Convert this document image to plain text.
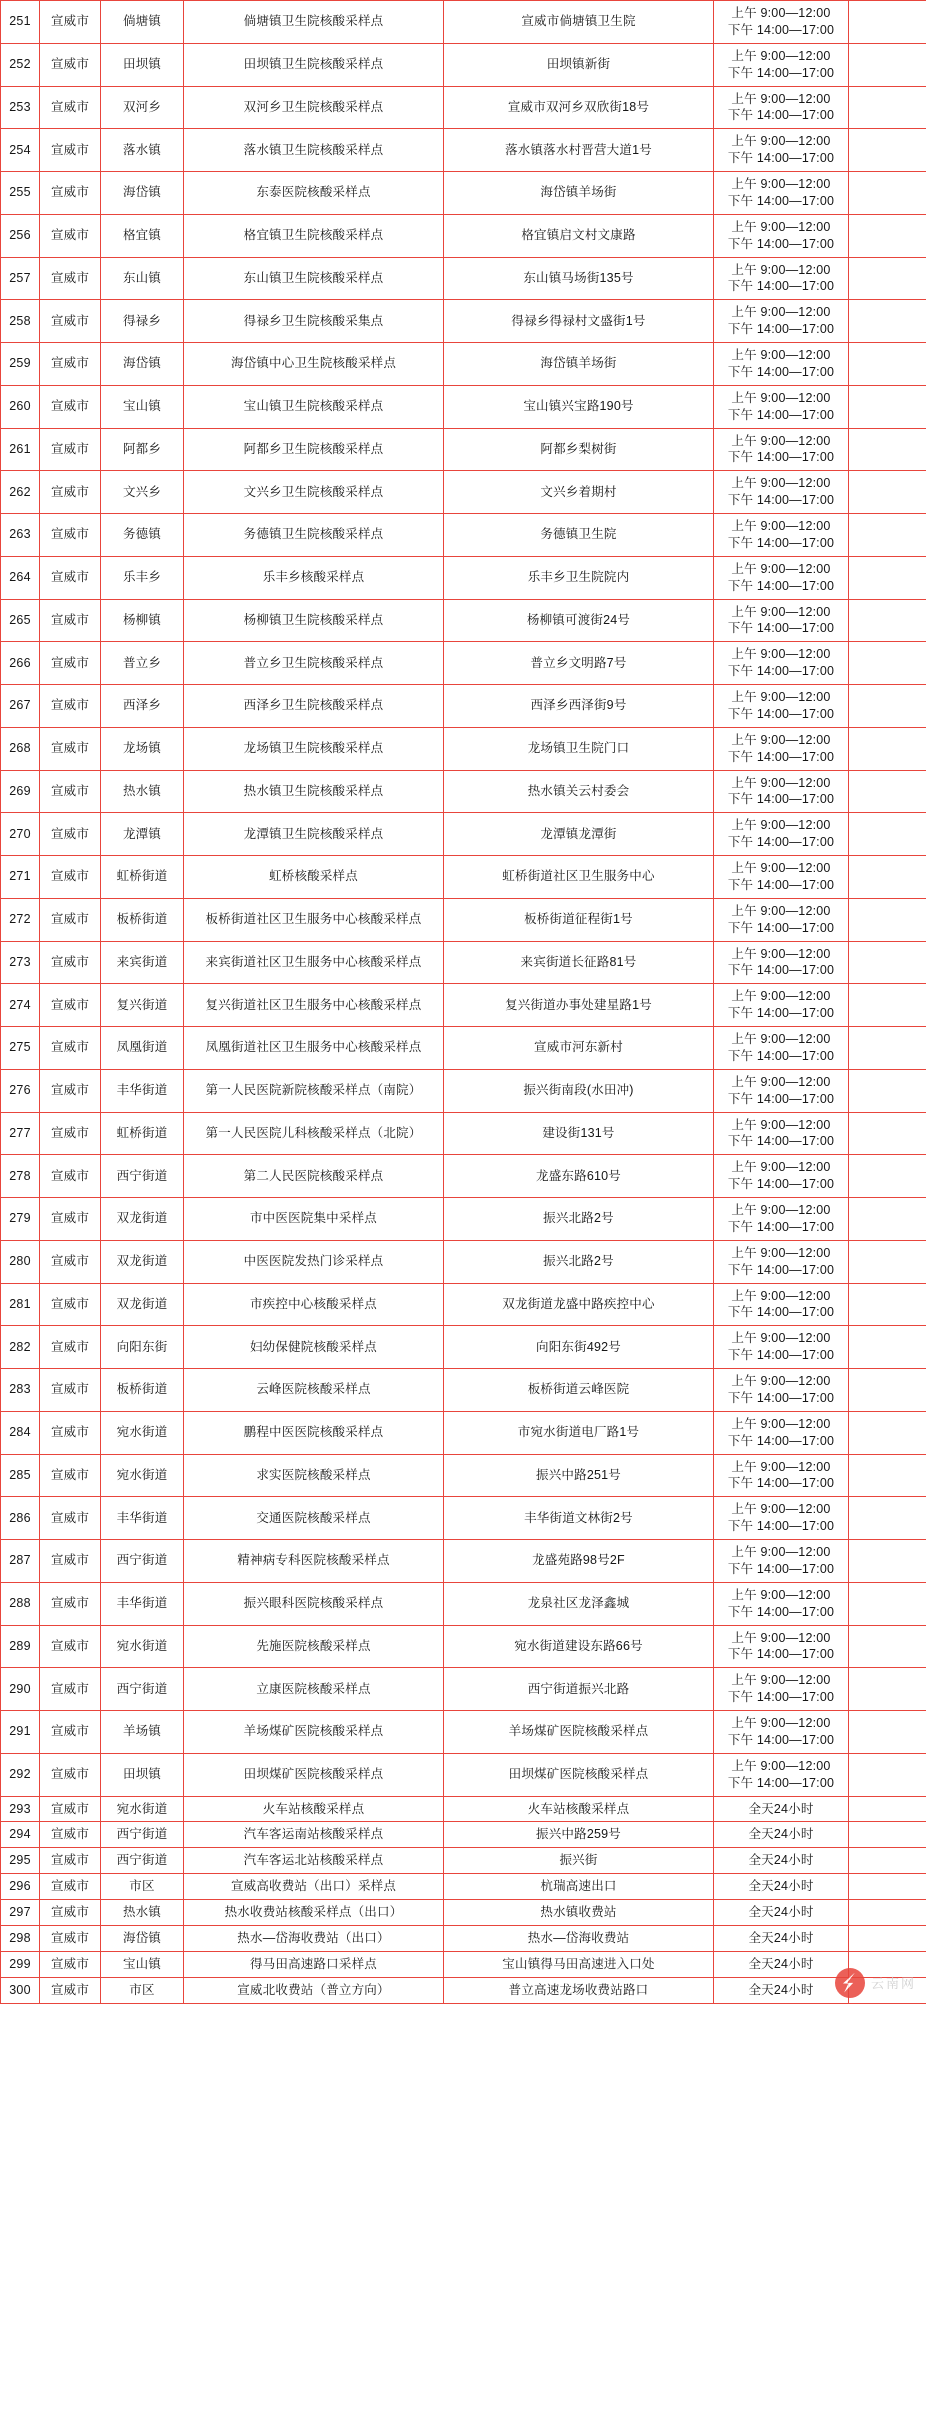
251	宣威市	倘塘镇	倘塘镇卫生院核酸采样点	宣威市倘塘镇卫生院	上午 9:00—12:00
下午 14:00—17:00	

252	宣威市	田坝镇	田坝镇卫生院核酸采样点	田坝镇新街	上午 9:00—12:00
下午 14:00—17:00	

253	宣威市	双河乡	双河乡卫生院核酸采样点	宣威市双河乡双欣街18号	上午 9:00—12:00
下午 14:00—17:00	

254	宣威市	落水镇	落水镇卫生院核酸采样点	落水镇落水村晋营大道1号	上午 9:00—12:00
下午 14:00—17:00	

255	宣威市	海岱镇	东泰医院核酸采样点	海岱镇羊场街	上午 9:00—12:00
下午 14:00—17:00	

256	宣威市	格宜镇	格宜镇卫生院核酸采样点	格宜镇启文村文康路	上午 9:00—12:00
下午 14:00—17:00	

257	宣威市	东山镇	东山镇卫生院核酸采样点	东山镇马场街135号	上午 9:00—12:00
下午 14:00—17:00	

258	宣威市	得禄乡	得禄乡卫生院核酸采集点	得禄乡得禄村文盛街1号	上午 9:00—12:00
下午 14:00—17:00	

259	宣威市	海岱镇	海岱镇中心卫生院核酸采样点	海岱镇羊场街	上午 9:00—12:00
下午 14:00—17:00	

260	宣威市	宝山镇	宝山镇卫生院核酸采样点	宝山镇兴宝路190号	上午 9:00—12:00
下午 14:00—17:00	

261	宣威市	阿都乡	阿都乡卫生院核酸采样点	阿都乡梨树街	上午 9:00—12:00
下午 14:00—17:00	

262	宣威市	文兴乡	文兴乡卫生院核酸采样点	文兴乡着期村	上午 9:00—12:00
下午 14:00—17:00	

263	宣威市	务德镇	务德镇卫生院核酸采样点	务德镇卫生院	上午 9:00—12:00
下午 14:00—17:00	

264	宣威市	乐丰乡	乐丰乡核酸采样点	乐丰乡卫生院院内	上午 9:00—12:00
下午 14:00—17:00	

265	宣威市	杨柳镇	杨柳镇卫生院核酸采样点	杨柳镇可渡街24号	上午 9:00—12:00
下午 14:00—17:00	

266	宣威市	普立乡	普立乡卫生院核酸采样点	普立乡文明路7号	上午 9:00—12:00
下午 14:00—17:00	

267	宣威市	西泽乡	西泽乡卫生院核酸采样点	西泽乡西泽街9号	上午 9:00—12:00
下午 14:00—17:00	

268	宣威市	龙场镇	龙场镇卫生院核酸采样点	龙场镇卫生院门口	上午 9:00—12:00
下午 14:00—17:00	

269	宣威市	热水镇	热水镇卫生院核酸采样点	热水镇关云村委会	上午 9:00—12:00
下午 14:00—17:00	

270	宣威市	龙潭镇	龙潭镇卫生院核酸采样点	龙潭镇龙潭街	上午 9:00—12:00
下午 14:00—17:00	

271	宣威市	虹桥街道	虹桥核酸采样点	虹桥街道社区卫生服务中心	上午 9:00—12:00
下午 14:00—17:00	

272	宣威市	板桥街道	板桥街道社区卫生服务中心核酸采样点	板桥街道征程街1号	上午 9:00—12:00
下午 14:00—17:00	

273	宣威市	来宾街道	来宾街道社区卫生服务中心核酸采样点	来宾街道长征路81号	上午 9:00—12:00
下午 14:00—17:00	

274	宣威市	复兴街道	复兴街道社区卫生服务中心核酸采样点	复兴街道办事处建星路1号	上午 9:00—12:00
下午 14:00—17:00	

275	宣威市	凤凰街道	凤凰街道社区卫生服务中心核酸采样点	宣威市河东新村	上午 9:00—12:00
下午 14:00—17:00	

276	宣威市	丰华街道	第一人民医院新院核酸采样点（南院）	振兴街南段(水田冲)	上午 9:00—12:00
下午 14:00—17:00	

277	宣威市	虹桥街道	第一人民医院儿科核酸采样点（北院）	建设街131号	上午 9:00—12:00
下午 14:00—17:00	

278	宣威市	西宁街道	第二人民医院核酸采样点	龙盛东路610号	上午 9:00—12:00
下午 14:00—17:00	

279	宣威市	双龙街道	市中医医院集中采样点	振兴北路2号	上午 9:00—12:00
下午 14:00—17:00	

280	宣威市	双龙街道	中医医院发热门诊采样点	振兴北路2号	上午 9:00—12:00
下午 14:00—17:00	

281	宣威市	双龙街道	市疾控中心核酸采样点	双龙街道龙盛中路疾控中心	上午 9:00—12:00
下午 14:00—17:00	

282	宣威市	向阳东街	妇幼保健院核酸采样点	向阳东街492号	上午 9:00—12:00
下午 14:00—17:00	

283	宣威市	板桥街道	云峰医院核酸采样点	板桥街道云峰医院	上午 9:00—12:00
下午 14:00—17:00	

284	宣威市	宛水街道	鹏程中医医院核酸采样点	市宛水街道电厂路1号	上午 9:00—12:00
下午 14:00—17:00	

285	宣威市	宛水街道	求实医院核酸采样点	振兴中路251号	上午 9:00—12:00
下午 14:00—17:00	

286	宣威市	丰华街道	交通医院核酸采样点	丰华街道文林街2号	上午 9:00—12:00
下午 14:00—17:00	

287	宣威市	西宁街道	精神病专科医院核酸采样点	龙盛苑路98号2F	上午 9:00—12:00
下午 14:00—17:00	

288	宣威市	丰华街道	振兴眼科医院核酸采样点	龙泉社区龙泽鑫城	上午 9:00—12:00
下午 14:00—17:00	

289	宣威市	宛水街道	先施医院核酸采样点	宛水街道建设东路66号	上午 9:00—12:00
下午 14:00—17:00	

290	宣威市	西宁街道	立康医院核酸采样点	西宁街道振兴北路	上午 9:00—12:00
下午 14:00—17:00	

291	宣威市	羊场镇	羊场煤矿医院核酸采样点	羊场煤矿医院核酸采样点	上午 9:00—12:00
下午 14:00—17:00	

292	宣威市	田坝镇	田坝煤矿医院核酸采样点	田坝煤矿医院核酸采样点	上午 9:00—12:00
下午 14:00—17:00	

293	宣威市	宛水街道	火车站核酸采样点	火车站核酸采样点	全天24小时	
294	宣威市	西宁街道	汽车客运南站核酸采样点	振兴中路259号	全天24小时	
295	宣威市	西宁街道	汽车客运北站核酸采样点	振兴街	全天24小时	
296	宣威市	市区	宣威高收费站（出口）采样点	杭瑞高速出口	全天24小时	
297	宣威市	热水镇	热水收费站核酸采样点（出口）	热水镇收费站	全天24小时	
298	宣威市	海岱镇	热水—岱海收费站（出口）	热水—岱海收费站	全天24小时	
299	宣威市	宝山镇	得马田高速路口采样点	宝山镇得马田高速进入口处	全天24小时	
300	宣威市	市区	宣威北收费站（普立方向）	普立高速龙场收费站路口	全天24小时		云南网
